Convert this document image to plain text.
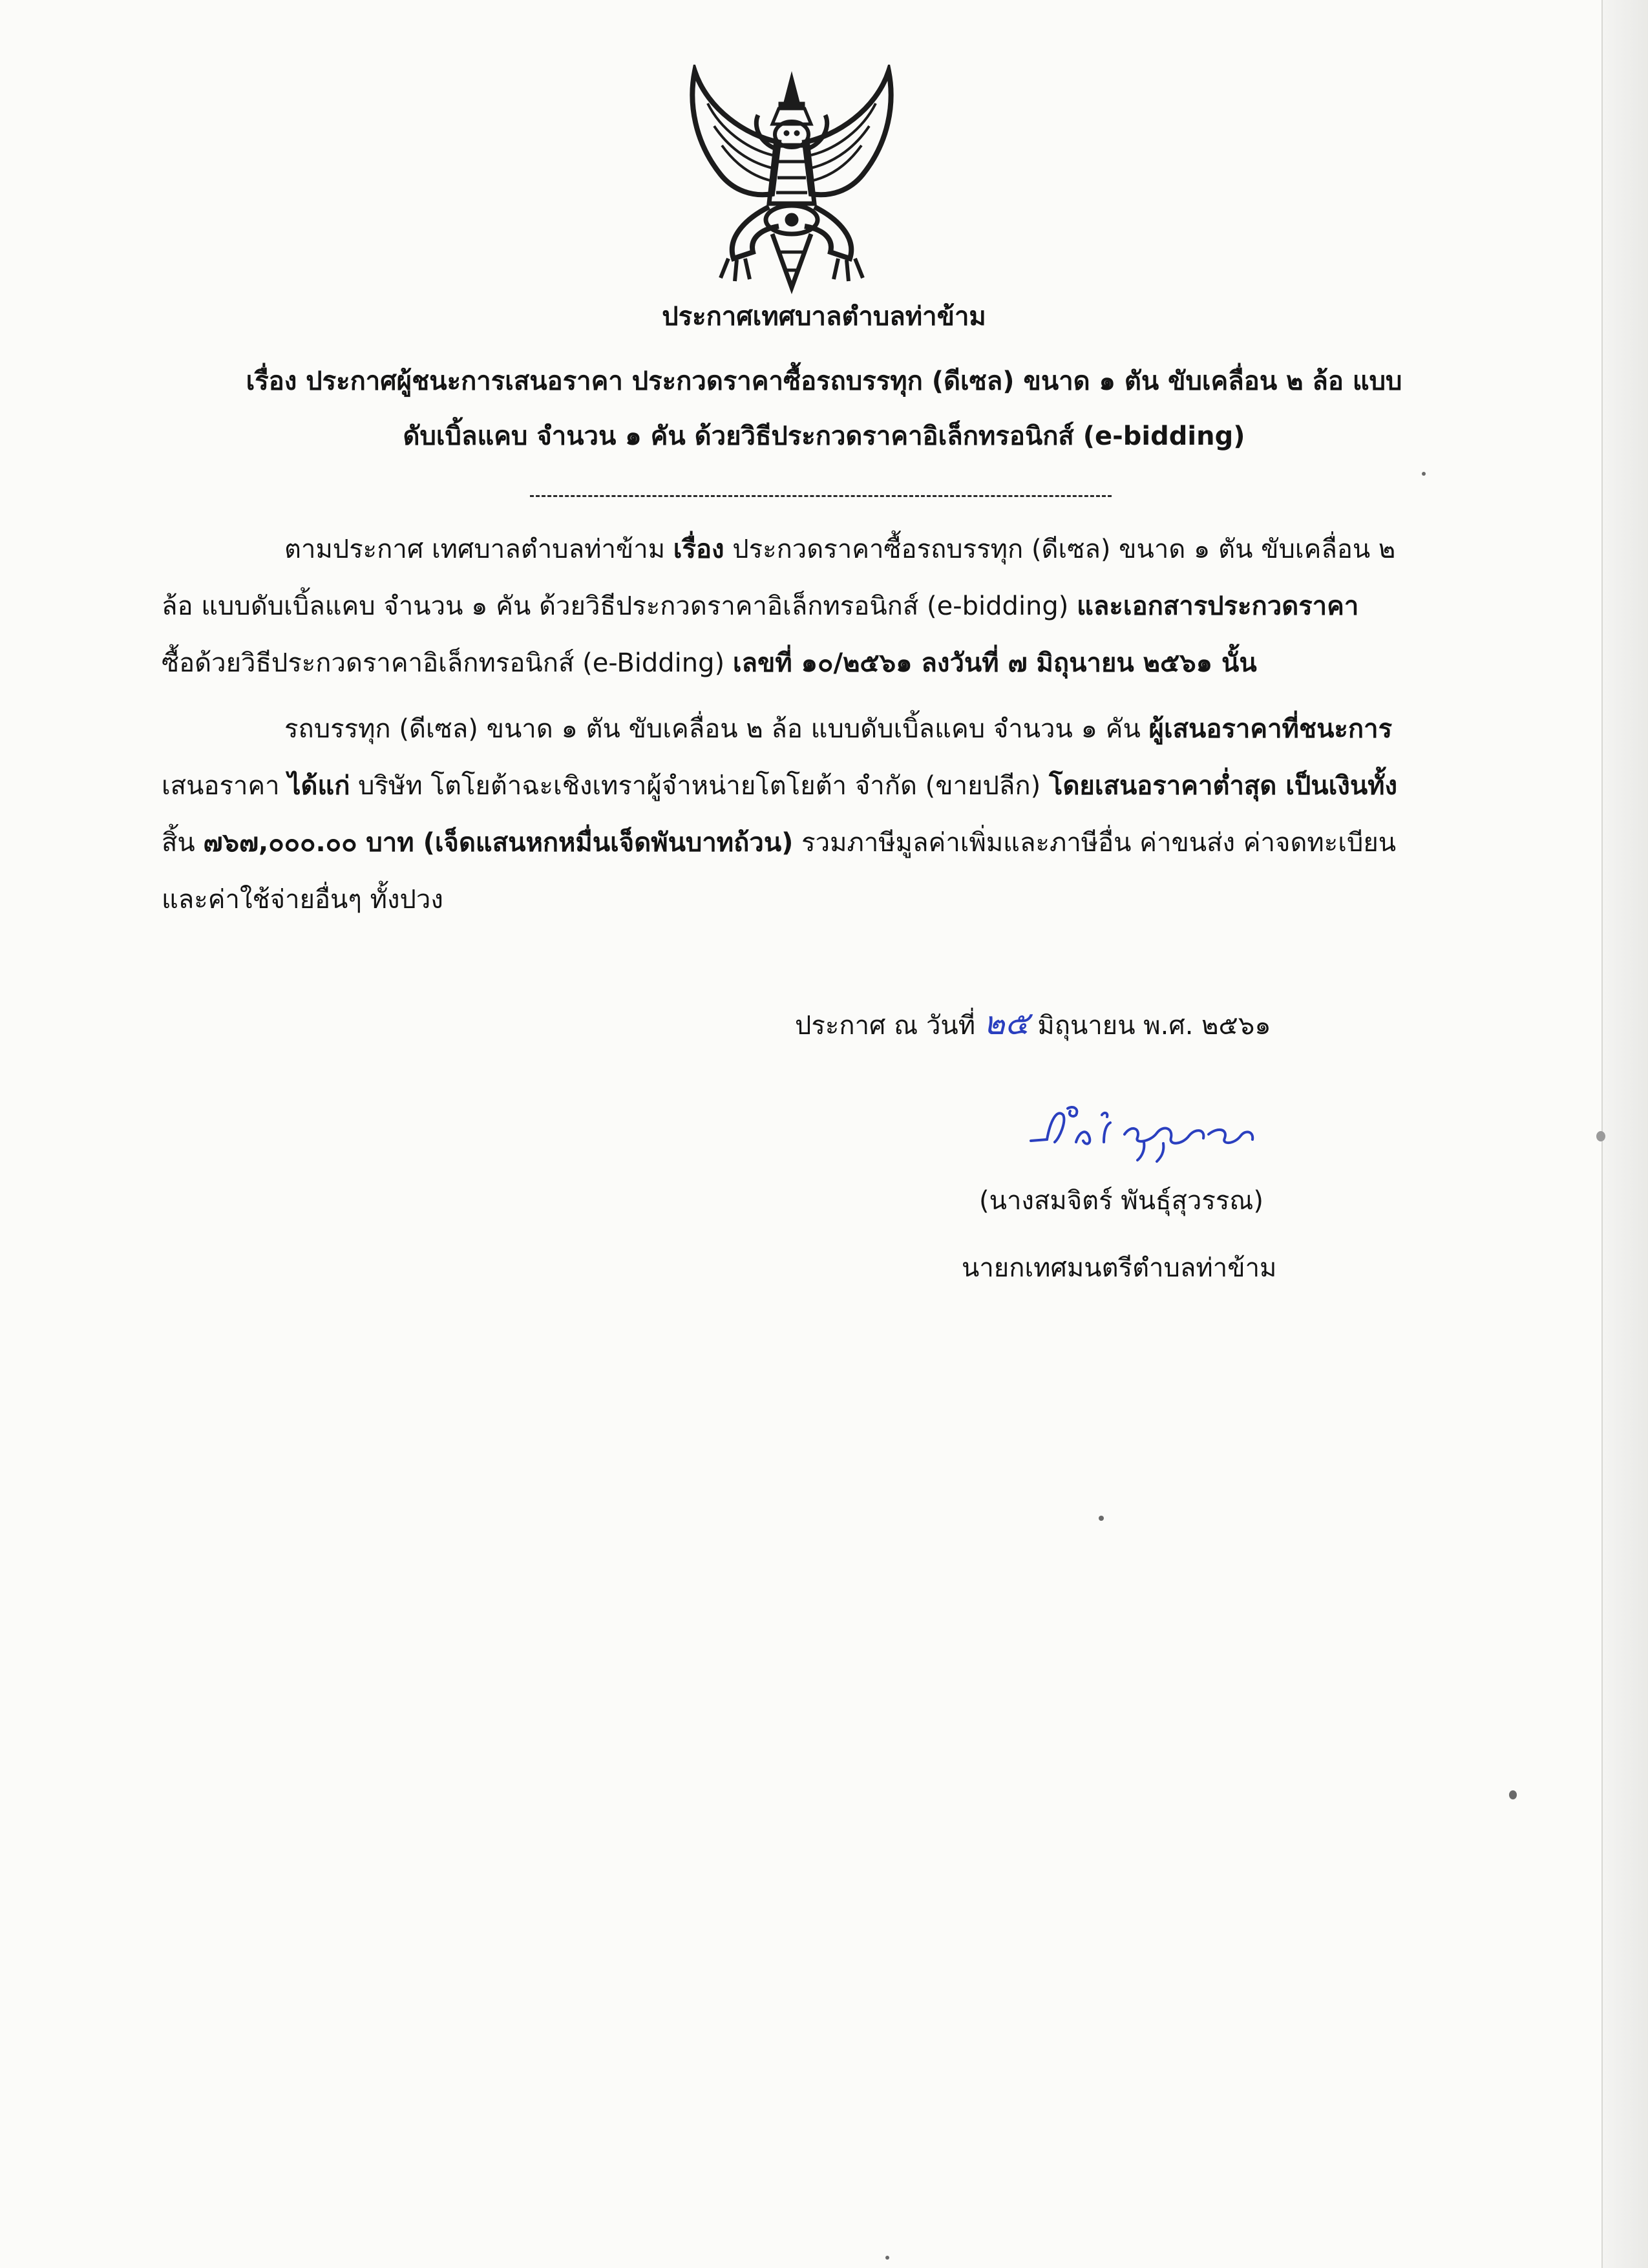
ประกาศเทศบาลตำบลท่าข้าม
เรื่อง ประกาศผู้ชนะการเสนอราคา ประกวดราคาซื้อรถบรรทุก (ดีเซล) ขนาด ๑ ตัน ขับเคลื่อน ๒ ล้อ แบบ
ดับเบิ้ลแคบ จำนวน ๑ คัน ด้วยวิธีประกวดราคาอิเล็กทรอนิกส์ (e-bidding)
ตามประกาศ เทศบาลตำบลท่าข้าม เรื่อง ประกวดราคาซื้อรถบรรทุก (ดีเซล) ขนาด ๑ ตัน ขับเคลื่อน ๒
ล้อ แบบดับเบิ้ลแคบ จำนวน ๑ คัน ด้วยวิธีประกวดราคาอิเล็กทรอนิกส์ (e-bidding) และเอกสารประกวดราคา
ซื้อด้วยวิธีประกวดราคาอิเล็กทรอนิกส์ (e-Bidding) เลขที่ ๑๐/๒๕๖๑ ลงวันที่ ๗ มิถุนายน ๒๕๖๑ นั้น
รถบรรทุก (ดีเซล) ขนาด ๑ ตัน ขับเคลื่อน ๒ ล้อ แบบดับเบิ้ลแคบ จำนวน ๑ คัน ผู้เสนอราคาที่ชนะการ
เสนอราคา ได้แก่ บริษัท โตโยต้าฉะเชิงเทราผู้จำหน่ายโตโยต้า จำกัด (ขายปลีก) โดยเสนอราคาต่ำสุด เป็นเงินทั้ง
สิ้น ๗๖๗,๐๐๐.๐๐ บาท (เจ็ดแสนหกหมื่นเจ็ดพันบาทถ้วน) รวมภาษีมูลค่าเพิ่มและภาษีอื่น ค่าขนส่ง ค่าจดทะเบียน
และค่าใช้จ่ายอื่นๆ ทั้งปวง
ประกาศ ณ วันที่ ๒๕ มิถุนายน พ.ศ. ๒๕๖๑
(นางสมจิตร์ พันธุ์สุวรรณ)
นายกเทศมนตรีตำบลท่าข้าม
